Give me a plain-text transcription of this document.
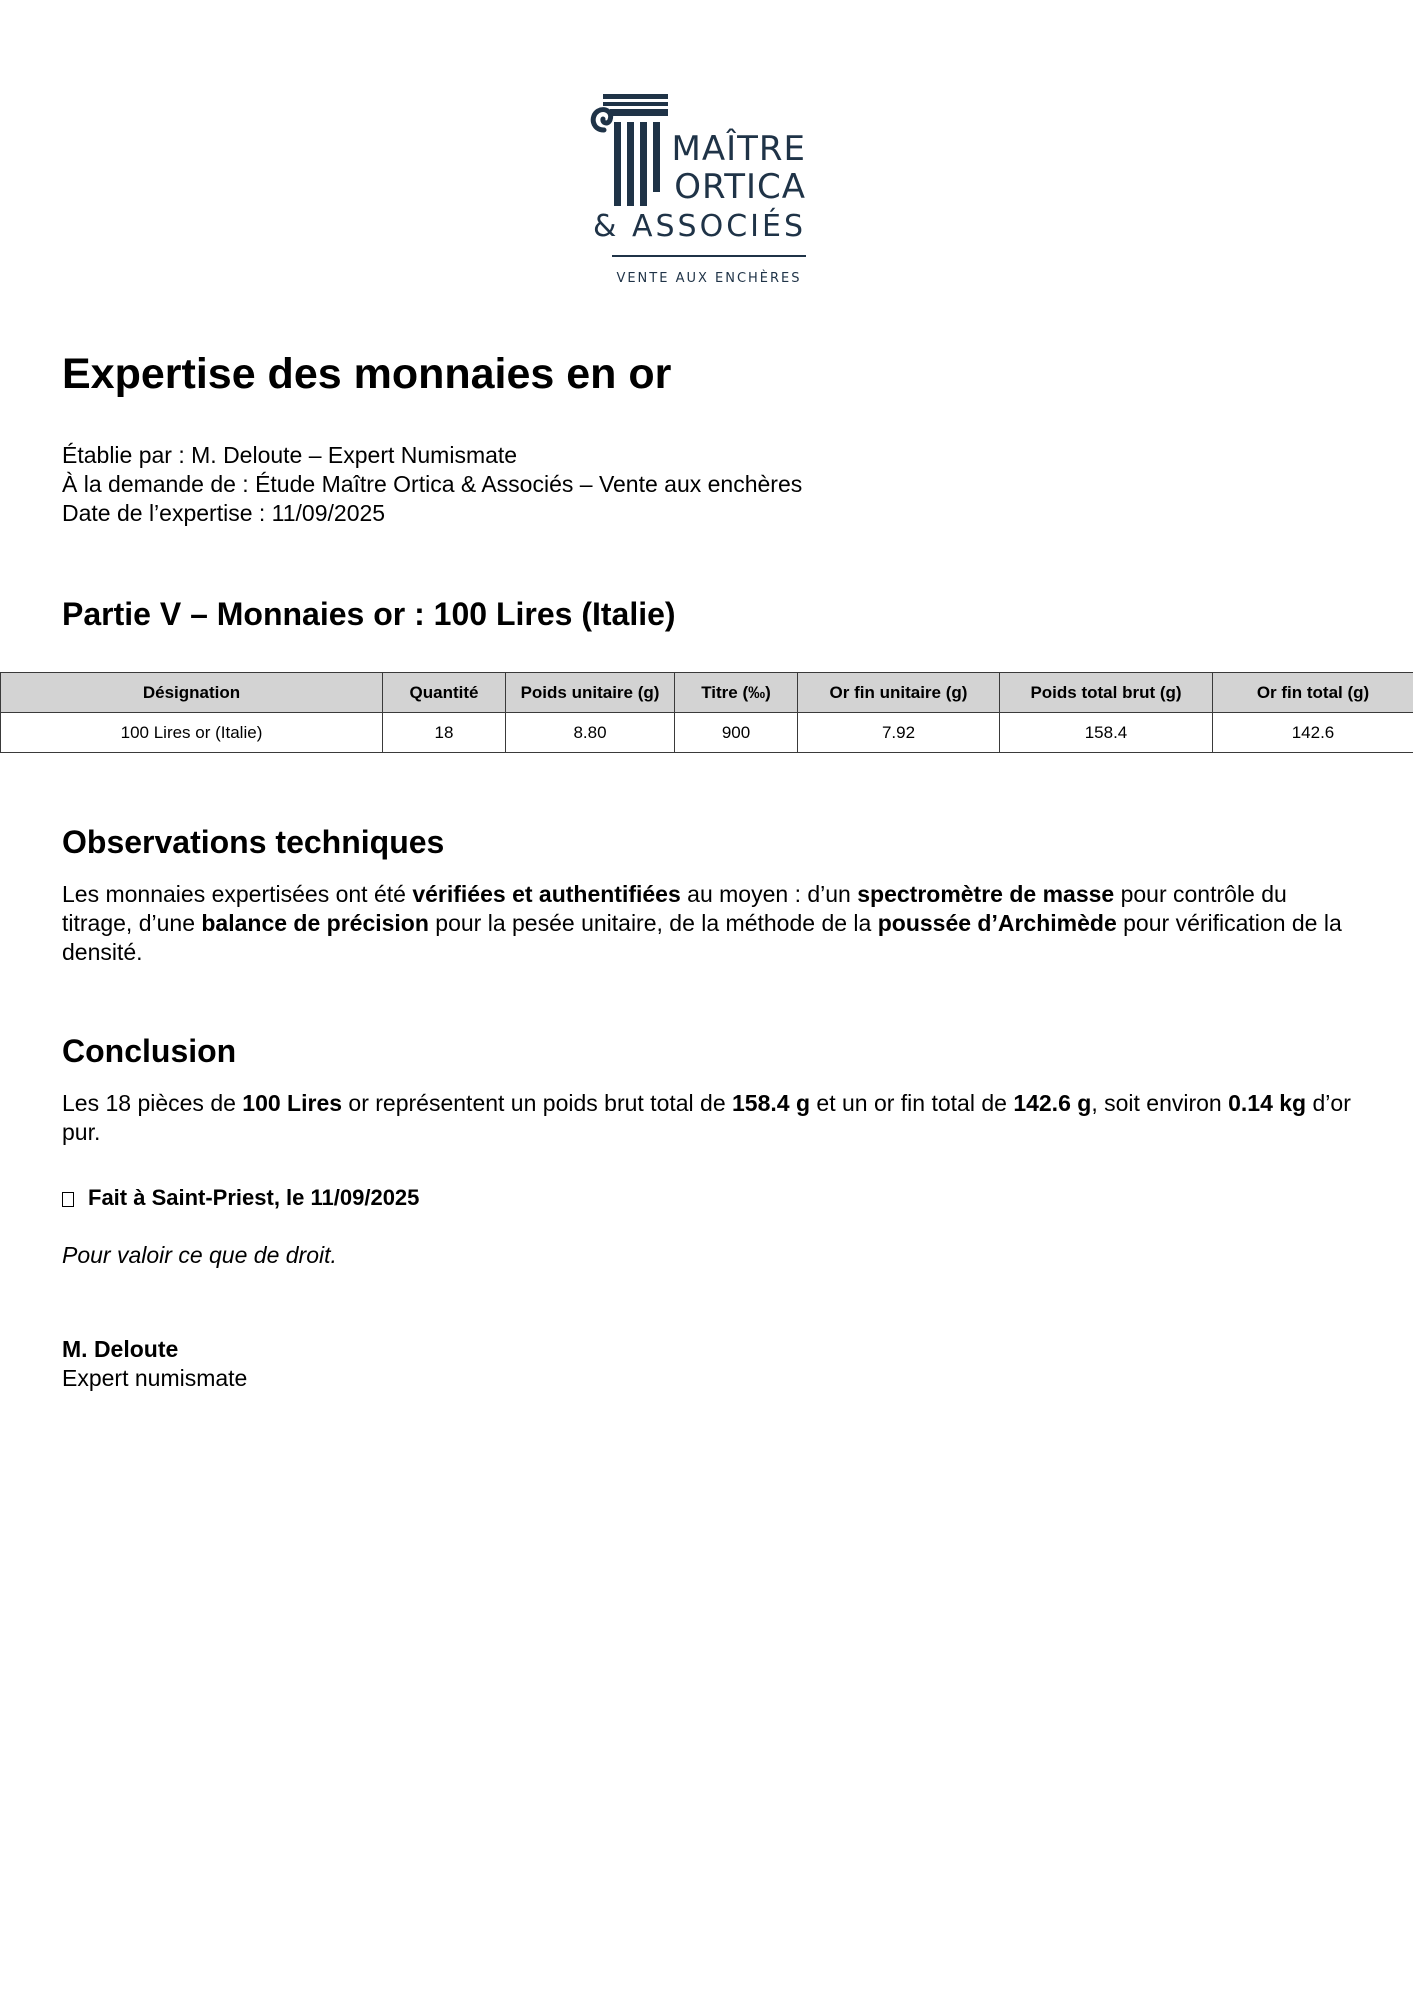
MAÎTRE
ORTICA
& ASSOCIÉS
VENTE AUX ENCHÈRES
Expertise des monnaies en or
Établie par : M. Deloute – Expert Numismate
À la demande de : Étude Maître Ortica & Associés – Vente aux enchères
Date de l’expertise : 11/09/2025
Partie V – Monnaies or : 100 Lires (Italie)
Désignation	Quantité	Poids unitaire (g)	Titre (‰)	Or fin unitaire (g)	Poids total brut (g)	Or fin total (g)
100 Lires or (Italie)	18	8.80	900	7.92	158.4	142.6
Observations techniques

Les monnaies expertisées ont été vérifiées et authentifiées au moyen : d’un spectromètre de masse pour contrôle du titrage, d’une balance de précision pour la pesée unitaire, de la méthode de la poussée d’Archimède pour vérification de la densité.

Conclusion

Les 18 pièces de 100 Lires or représentent un poids brut total de 158.4 g et un or fin total de 142.6 g, soit environ 0.14 kg d’or pur.

Fait à Saint-Priest, le 11/09/2025
Pour valoir ce que de droit.
M. Deloute
Expert numismate
